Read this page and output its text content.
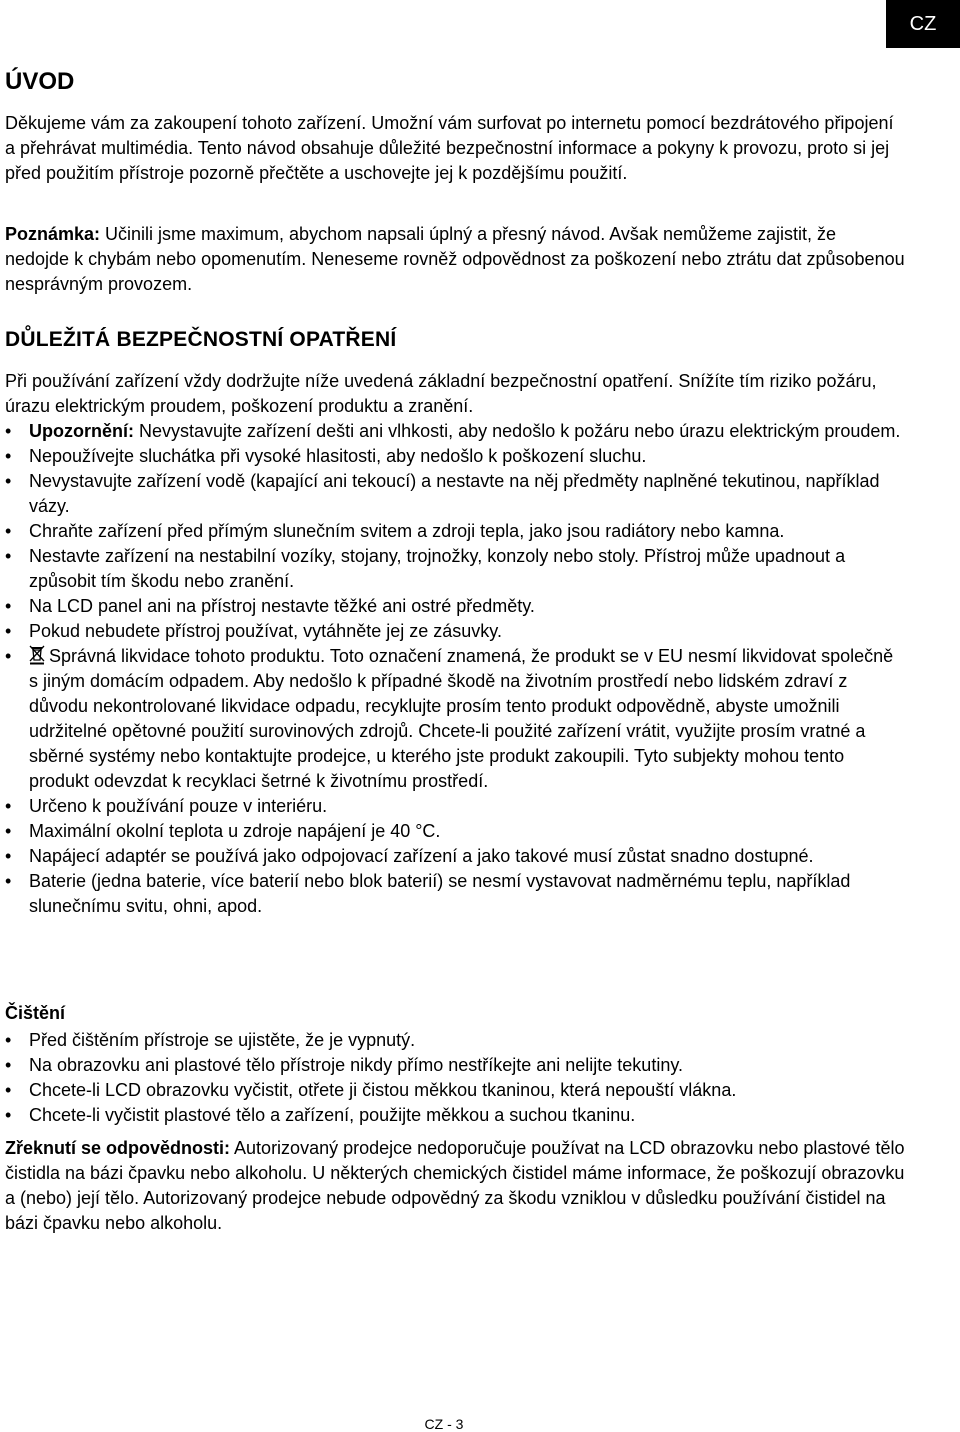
CZ
ÚVOD

Děkujeme vám za zakoupení tohoto zařízení. Umožní vám surfovat po internetu pomocí bezdrátového připojení a přehrávat multimédia. Tento návod obsahuje důležité bezpečnostní informace a pokyny k provozu, proto si jej před použitím přístroje pozorně přečtěte a uschovejte jej k pozdějšímu použití.

Poznámka: Učinili jsme maximum, abychom napsali úplný a přesný návod. Avšak nemůžeme zajistit, že nedojde k chybám nebo opomenutím. Neneseme rovněž odpovědnost za poškození nebo ztrátu dat způsobenou nesprávným provozem.

DŮLEŽITÁ BEZPEČNOSTNÍ OPATŘENÍ

Při používání zařízení vždy dodržujte níže uvedená základní bezpečnostní opatření. Snížíte tím riziko požáru, úrazu elektrickým proudem, poškození produktu a zranění.

• Upozornění: Nevystavujte zařízení dešti ani vlhkosti, aby nedošlo k požáru nebo úrazu elektrickým proudem.
• Nepoužívejte sluchátka při vysoké hlasitosti, aby nedošlo k poškození sluchu.
• Nevystavujte zařízení vodě (kapající ani tekoucí) a nestavte na něj předměty naplněné tekutinou, například vázy.
• Chraňte zařízení před přímým slunečním svitem a zdroji tepla, jako jsou radiátory nebo kamna.
• Nestavte zařízení na nestabilní vozíky, stojany, trojnožky, konzoly nebo stoly. Přístroj může upadnout a způsobit tím škodu nebo zranění.
• Na LCD panel ani na přístroj nestavte těžké ani ostré předměty.
• Pokud nebudete přístroj používat, vytáhněte jej ze zásuvky.
• Správná likvidace tohoto produktu. Toto označení znamená, že produkt se v EU nesmí likvidovat společně s jiným domácím odpadem. Aby nedošlo k případné škodě na životním prostředí nebo lidském zdraví z důvodu nekontrolované likvidace odpadu, recyklujte prosím tento produkt odpovědně, abyste umožnili udržitelné opětovné použití surovinových zdrojů. Chcete-li použité zařízení vrátit, využijte prosím vratné a sběrné systémy nebo kontaktujte prodejce, u kterého jste produkt zakoupili. Tyto subjekty mohou tento produkt odevzdat k recyklaci šetrné k životnímu prostředí.
• Určeno k používání pouze v interiéru.
• Maximální okolní teplota u zdroje napájení je 40 °C.
• Napájecí adaptér se používá jako odpojovací zařízení a jako takové musí zůstat snadno dostupné.
• Baterie (jedna baterie, více baterií nebo blok baterií) se nesmí vystavovat nadměrnému teplu, například slunečnímu svitu, ohni, apod.
Čištění
• Před čištěním přístroje se ujistěte, že je vypnutý.
• Na obrazovku ani plastové tělo přístroje nikdy přímo nestříkejte ani nelijte tekutiny.
• Chcete-li LCD obrazovku vyčistit, otřete ji čistou měkkou tkaninou, která nepouští vlákna.
• Chcete-li vyčistit plastové tělo a zařízení, použijte měkkou a suchou tkaninu.

Zřeknutí se odpovědnosti: Autorizovaný prodejce nedoporučuje používat na LCD obrazovku nebo plastové tělo čistidla na bázi čpavku nebo alkoholu. U některých chemických čistidel máme informace, že poškozují obrazovku a (nebo) její tělo. Autorizovaný prodejce nebude odpovědný za škodu vzniklou v důsledku používání čistidel na bázi čpavku nebo alkoholu.

CZ - 3
